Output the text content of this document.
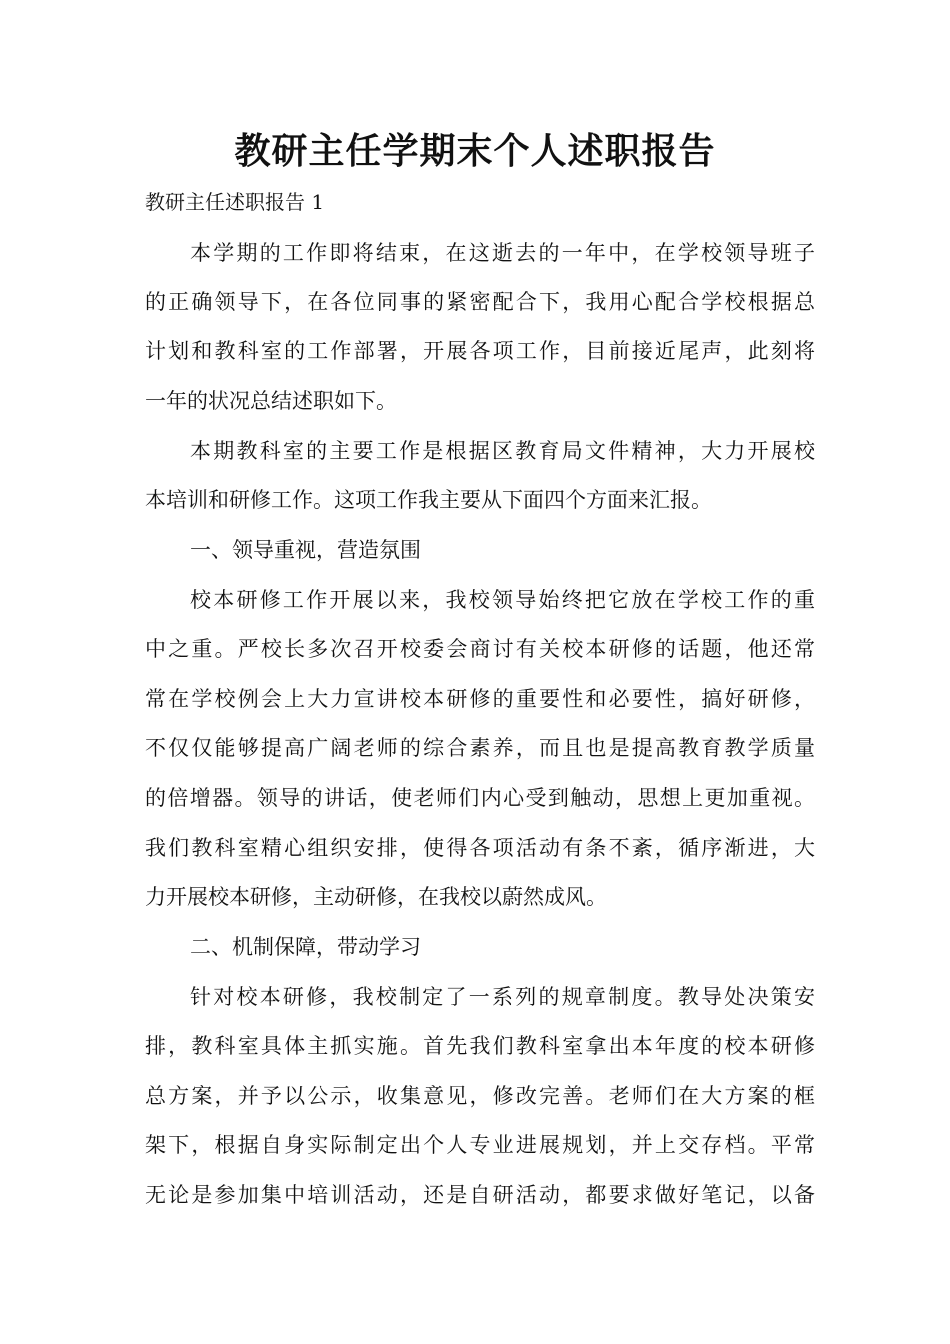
教研主任学期末个人述职报告

教研主任述职报告 1

本学期的工作即将结束，在这逝去的一年中，在学校领导班子

的正确领导下，在各位同事的紧密配合下，我用心配合学校根据总

计划和教科室的工作部署，开展各项工作，目前接近尾声，此刻将

一年的状况总结述职如下。

本期教科室的主要工作是根据区教育局文件精神，大力开展校

本培训和研修工作。这项工作我主要从下面四个方面来汇报。

一、领导重视，营造氛围

校本研修工作开展以来，我校领导始终把它放在学校工作的重

中之重。严校长多次召开校委会商讨有关校本研修的话题，他还常

常在学校例会上大力宣讲校本研修的重要性和必要性，搞好研修，

不仅仅能够提高广阔老师的综合素养，而且也是提高教育教学质量

的倍增器。领导的讲话，使老师们内心受到触动，思想上更加重视。

我们教科室精心组织安排，使得各项活动有条不紊，循序渐进，大

力开展校本研修，主动研修，在我校以蔚然成风。

二、机制保障，带动学习

针对校本研修，我校制定了一系列的规章制度。教导处决策安

排，教科室具体主抓实施。首先我们教科室拿出本年度的校本研修

总方案，并予以公示，收集意见，修改完善。老师们在大方案的框

架下，根据自身实际制定出个人专业进展规划，并上交存档。平常

无论是参加集中培训活动，还是自研活动，都要求做好笔记，以备
